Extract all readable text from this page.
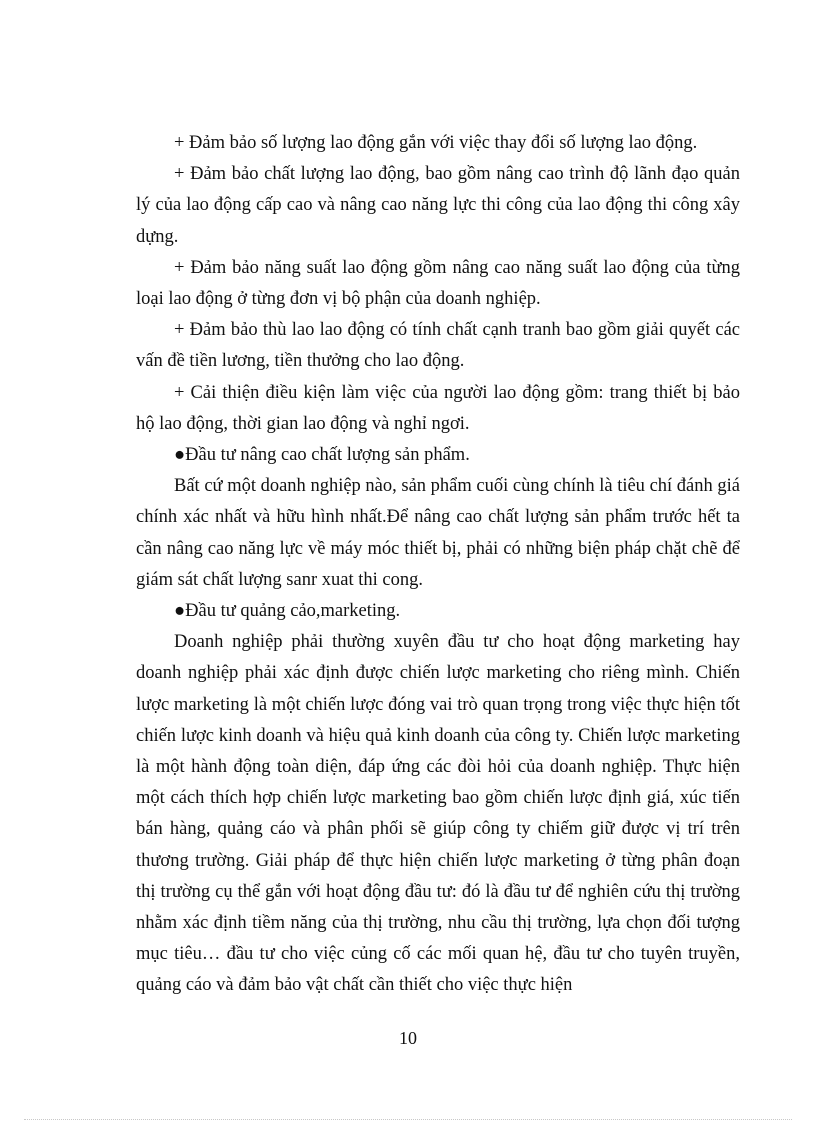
+ Đảm bảo số lượng lao động gắn với việc thay đổi số lượng lao động.

+ Đảm bảo chất lượng lao động, bao gồm nâng cao trình độ lãnh đạo quản lý của lao động cấp cao và nâng cao năng lực thi công của lao động thi công xây dựng.

+ Đảm bảo năng suất lao động gồm nâng cao năng suất lao động của từng loại lao động ở từng đơn vị bộ phận của doanh nghiệp.

+ Đảm bảo thù lao lao động có tính chất cạnh tranh bao gồm giải quyết các vấn đề tiền lương, tiền thưởng cho lao động.

+ Cải thiện điều kiện làm việc của người lao động gồm: trang thiết bị bảo hộ lao động, thời gian lao động và nghỉ ngơi.

●Đầu tư nâng cao chất lượng sản phẩm.

Bất cứ một doanh nghiệp nào, sản phẩm cuối cùng chính là tiêu chí đánh giá chính xác nhất và hữu hình nhất.Để nâng cao chất lượng sản phẩm trước hết ta cần nâng cao năng lực về máy móc thiết bị, phải có những biện pháp chặt chẽ để giám sát chất lượng sanr xuat thi cong.

●Đầu tư quảng cảo,marketing.

Doanh nghiệp phải thường xuyên đầu tư cho hoạt động marketing hay doanh nghiệp phải xác định được chiến lược marketing cho riêng mình. Chiến lược marketing là một chiến lược đóng vai trò quan trọng trong việc thực hiện tốt chiến lược kinh doanh và hiệu quả kinh doanh của công ty. Chiến lược marketing là một hành động toàn diện, đáp ứng các đòi hỏi của doanh nghiệp. Thực hiện một cách thích hợp chiến lược marketing bao gồm chiến lược định giá, xúc tiến bán hàng, quảng cáo và phân phối sẽ giúp công ty chiếm giữ được vị trí trên thương trường. Giải pháp để thực hiện chiến lược marketing ở từng phân đoạn thị trường cụ thể gắn với hoạt động đầu tư: đó là đầu tư để nghiên cứu thị trường nhằm xác định tiềm năng của thị trường, nhu cầu thị trường, lựa chọn đối tượng mục tiêu… đầu tư cho việc củng cố các mối quan hệ, đầu tư cho tuyên truyền, quảng cáo và đảm bảo vật chất cần thiết cho việc thực hiện

10
